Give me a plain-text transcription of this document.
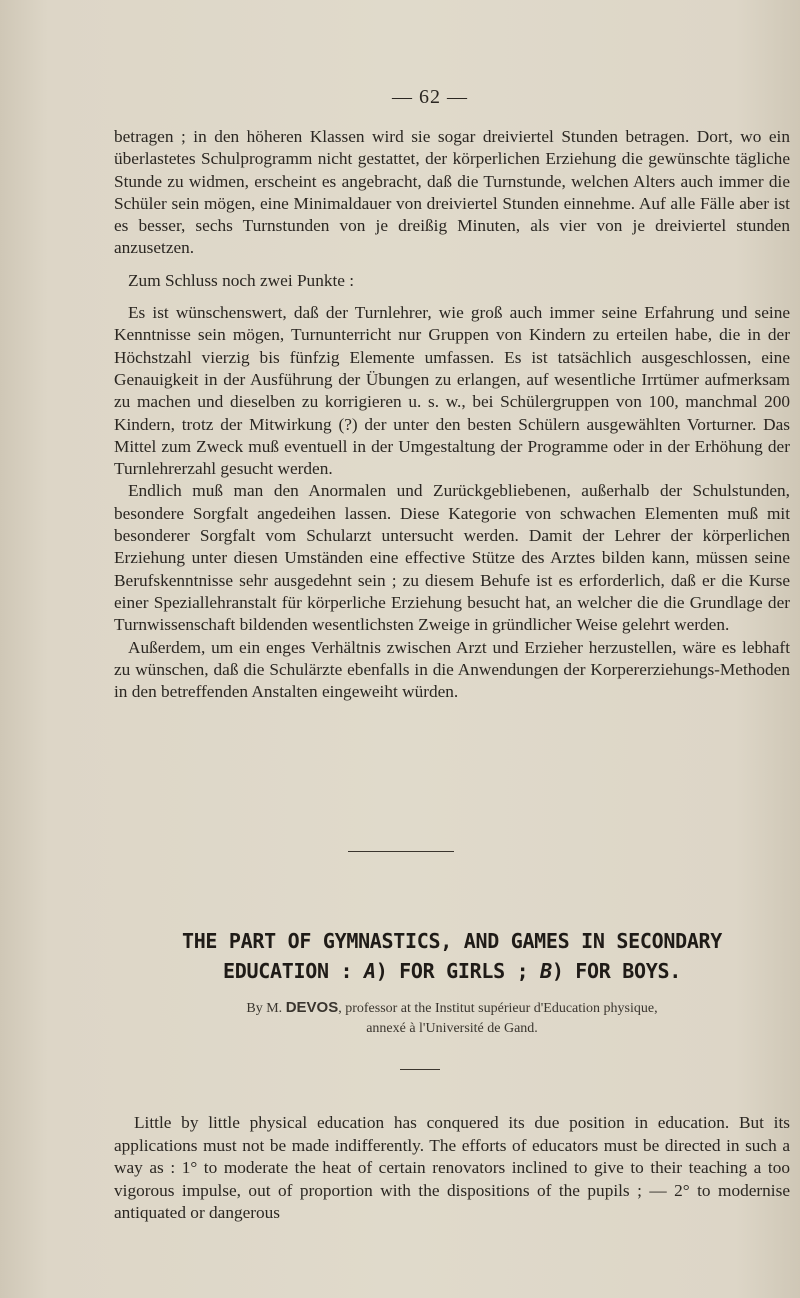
— 62 —

betragen ; in den höheren Klassen wird sie sogar dreiviertel Stunden betragen. Dort, wo ein überlastetes Schulprogramm nicht gestattet, der körperlichen Erziehung die gewünschte tägliche Stunde zu widmen, erscheint es angebracht, daß die Turnstunde, welchen Alters auch immer die Schüler sein mögen, eine Minimaldauer von dreiviertel Stunden einnehme. Auf alle Fälle aber ist es besser, sechs Turnstunden von je dreißig Minuten, als vier von je dreiviertel stunden anzusetzen.

Zum Schluss noch zwei Punkte :

Es ist wünschenswert, daß der Turnlehrer, wie groß auch immer seine Erfahrung und seine Kenntnisse sein mögen, Turnunterricht nur Gruppen von Kindern zu erteilen habe, die in der Höchstzahl vierzig bis fünfzig Elemente umfassen. Es ist tatsächlich ausgeschlossen, eine Genauigkeit in der Ausführung der Übungen zu erlangen, auf wesentliche Irrtümer aufmerksam zu machen und dieselben zu korrigieren u. s. w., bei Schülergruppen von 100, manchmal 200 Kindern, trotz der Mitwirkung (?) der unter den besten Schülern ausgewählten Vorturner. Das Mittel zum Zweck muß eventuell in der Umgestaltung der Programme oder in der Erhöhung der Turnlehrerzahl gesucht werden.

Endlich muß man den Anormalen und Zurückgebliebenen, außerhalb der Schulstunden, besondere Sorgfalt angedeihen lassen. Diese Kategorie von schwachen Elementen muß mit besonderer Sorgfalt vom Schularzt untersucht werden. Damit der Lehrer der körperlichen Erziehung unter diesen Umständen eine effective Stütze des Arztes bilden kann, müssen seine Berufskenntnisse sehr ausgedehnt sein ; zu diesem Behufe ist es erforderlich, daß er die Kurse einer Speziallehranstalt für körperliche Erziehung besucht hat, an welcher die die Grundlage der Turnwissenschaft bildenden wesentlichsten Zweige in gründlicher Weise gelehrt werden.

Außerdem, um ein enges Verhältnis zwischen Arzt und Erzieher herzustellen, wäre es lebhaft zu wünschen, daß die Schulärzte ebenfalls in die Anwendungen der Korpererziehungs-Methoden in den betreffenden Anstalten eingeweiht würden.

THE PART OF GYMNASTICS, AND GAMES IN SECONDARY
EDUCATION : A) FOR GIRLS ; B) FOR BOYS.
By M. DEVOS, professor at the Institut supérieur d'Education physique,
annexé à l'Université de Gand.

Little by little physical education has conquered its due position in education. But its applications must not be made indifferently. The efforts of educators must be directed in such a way as : 1° to moderate the heat of certain renovators inclined to give to their teaching a too vigorous impulse, out of proportion with the dispositions of the pupils ; — 2° to modernise antiquated or dangerous
